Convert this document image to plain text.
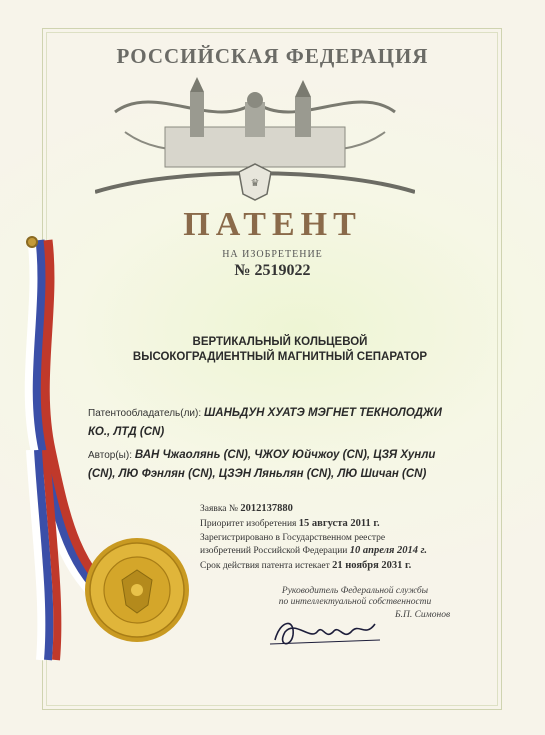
РОССИЙСКАЯ ФЕДЕРАЦИЯ
♛
ПАТЕНТ
НА ИЗОБРЕТЕНИЕ
№ 2519022
ВЕРТИКАЛЬНЫЙ КОЛЬЦЕВОЙ
ВЫСОКОГРАДИЕНТНЫЙ МАГНИТНЫЙ СЕПАРАТОР
Патентообладатель(ли): ШАНЬДУН ХУАТЭ МЭГНЕТ ТЕКНОЛОДЖИ КО., ЛТД (CN)
Автор(ы): ВАН Чжаолянь (CN), ЧЖОУ Юйчжоу (CN), ЦЗЯ Хунли (CN), ЛЮ Фэнлян (CN), ЦЗЭН Ляньлян (CN), ЛЮ Шичан (CN)
Заявка № 2012137880
Приоритет изобретения 15 августа 2011 г.
Зарегистрировано в Государственном реестре
изобретений Российской Федерации 10 апреля 2014 г.
Срок действия патента истекает 21 ноября 2031 г.
Руководитель Федеральной службы
по интеллектуальной собственности
Б.П. Симонов
